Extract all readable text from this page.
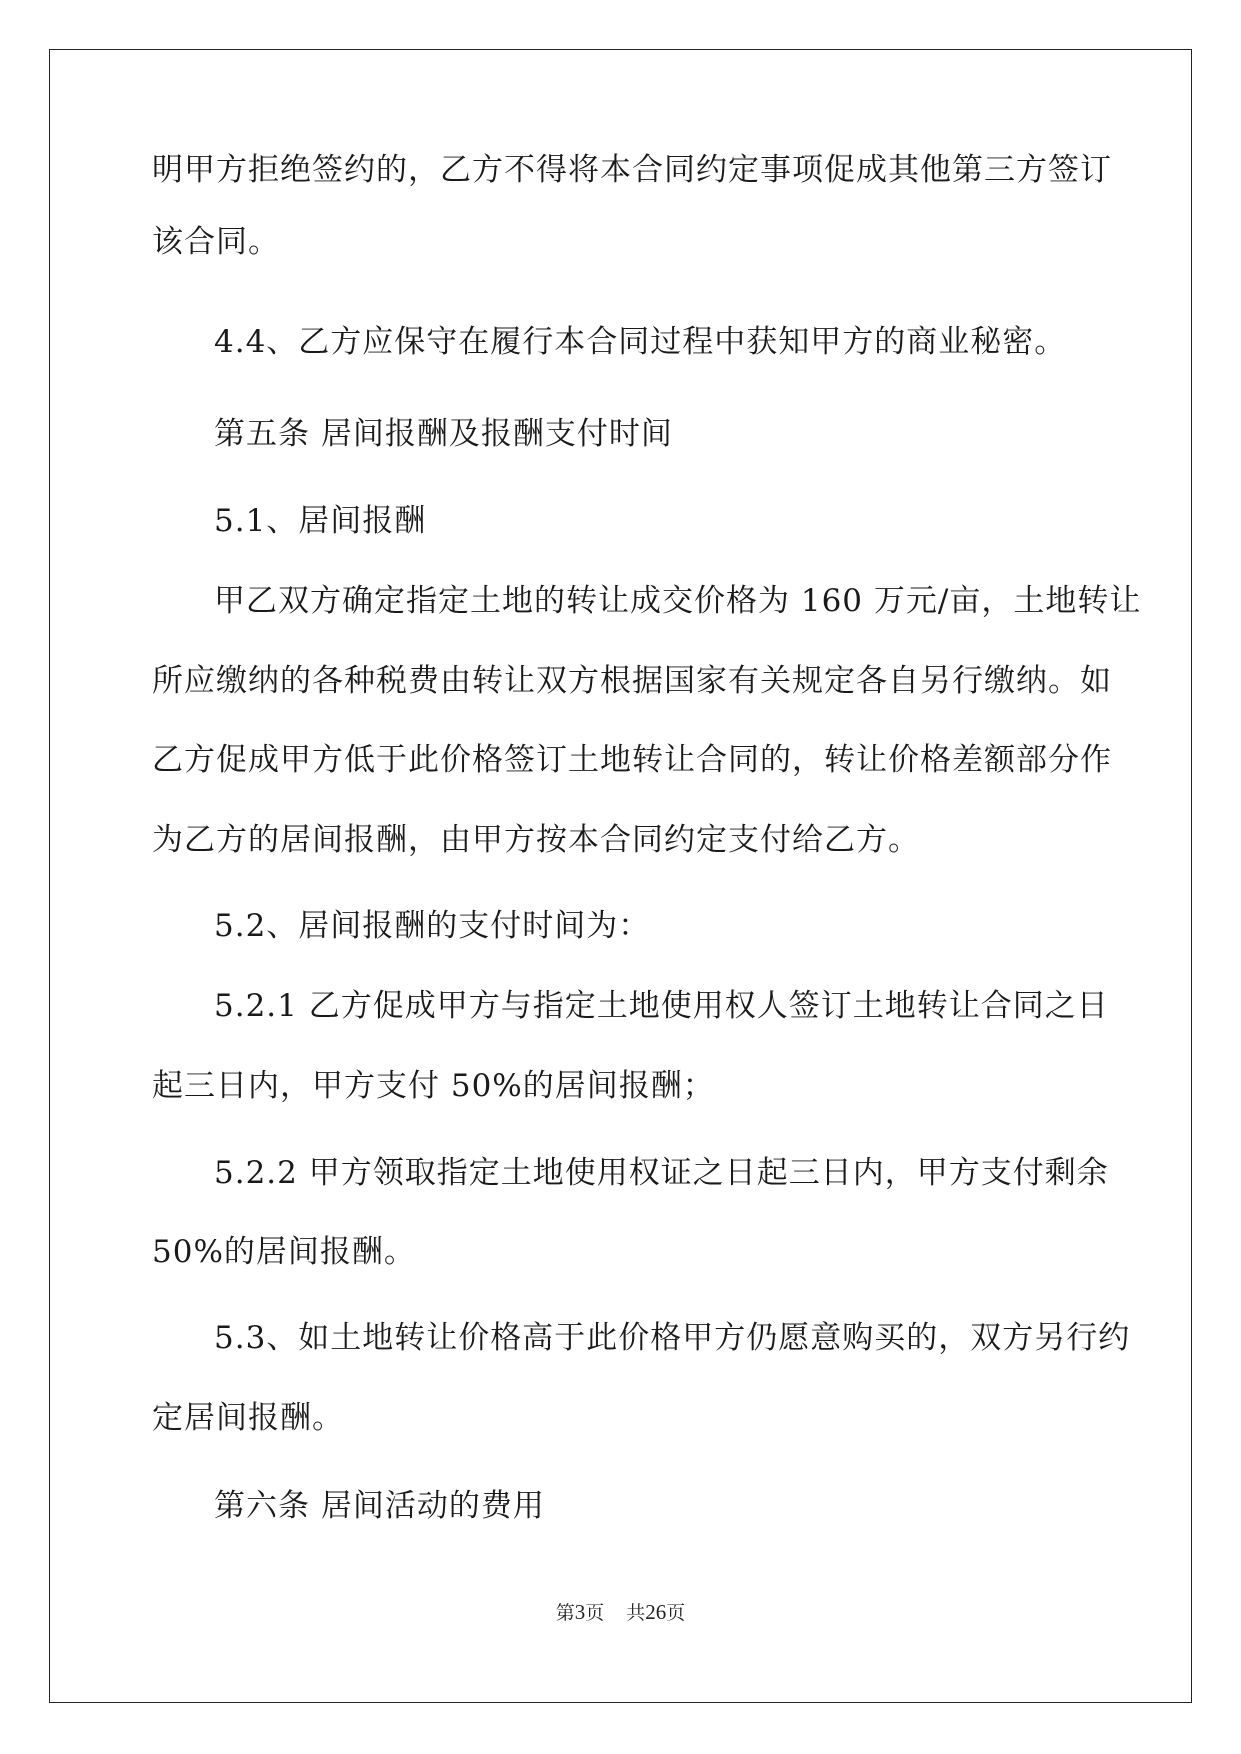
明甲方拒绝签约的，乙方不得将本合同约定事项促成其他第三方签订
该合同。
4.4、乙方应保守在履行本合同过程中获知甲方的商业秘密。
第五条 居间报酬及报酬支付时间
5.1、居间报酬
甲乙双方确定指定土地的转让成交价格为 160 万元/亩，土地转让
所应缴纳的各种税费由转让双方根据国家有关规定各自另行缴纳。如
乙方促成甲方低于此价格签订土地转让合同的，转让价格差额部分作
为乙方的居间报酬，由甲方按本合同约定支付给乙方。
5.2、居间报酬的支付时间为：
5.2.1 乙方促成甲方与指定土地使用权人签订土地转让合同之日
起三日内，甲方支付 50%的居间报酬；
5.2.2 甲方领取指定土地使用权证之日起三日内，甲方支付剩余
50%的居间报酬。
5.3、如土地转让价格高于此价格甲方仍愿意购买的，双方另行约
定居间报酬。
第六条 居间活动的费用
第3页 共26页
